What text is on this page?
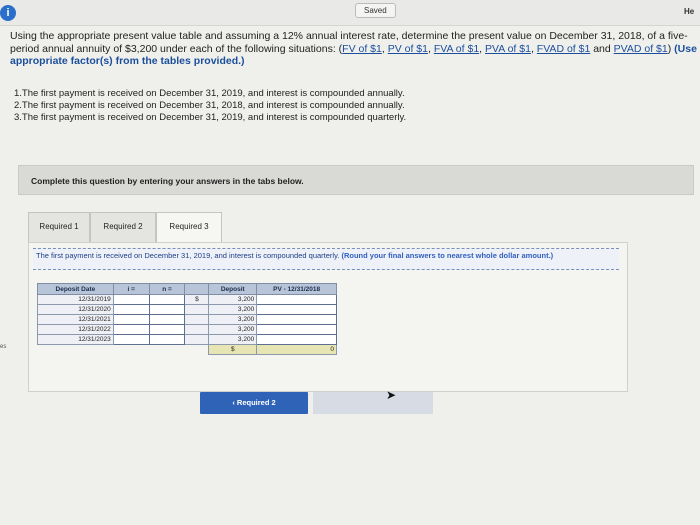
i	Saved	He
es
Using the appropriate present value table and assuming a 12% annual interest rate, determine the present value on December 31, 2018, of a five-period annual annuity of $3,200 under each of the following situations: (FV of $1, PV of $1, FVA of $1, PVA of $1, FVAD of $1 and PVAD of $1) (Use appropriate factor(s) from the tables provided.)
1.The first payment is received on December 31, 2019, and interest is compounded annually.
2.The first payment is received on December 31, 2018, and interest is compounded annually.
3.The first payment is received on December 31, 2019, and interest is compounded quarterly.
Complete this question by entering your answers in the tabs below.
Required 1	Required 2	Required 3
The first payment is received on December 31, 2019, and interest is compounded quarterly. (Round your final answers to nearest whole dollar amount.)
Deposit Date	i =	n =		Deposit	PV - 12/31/2018
12/31/2019			$	3,200	
12/31/2020				3,200	
12/31/2021				3,200	
12/31/2022				3,200	
12/31/2023				3,200	
				$	0
‹ Required 2
➤
